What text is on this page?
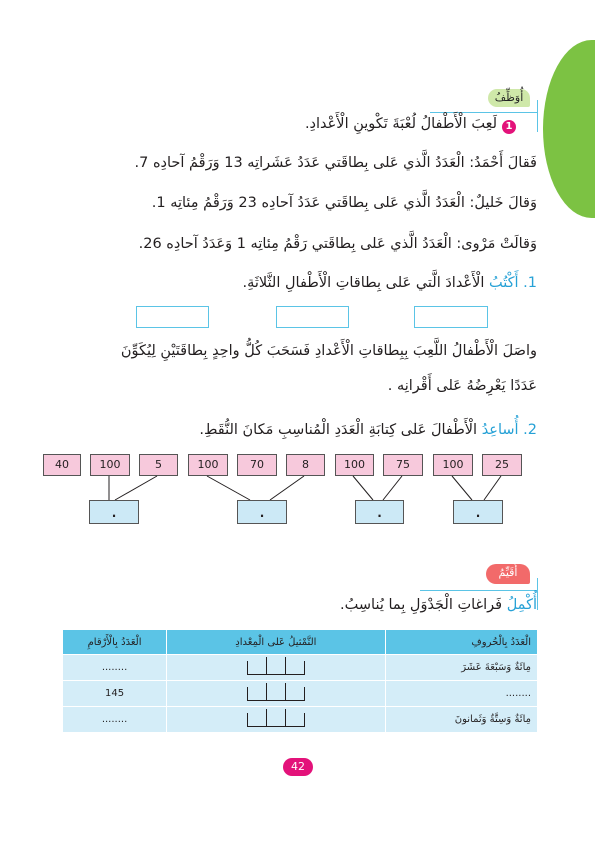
أُوَظِّفُ
1
لَعِبَ الْأَطْفالُ لُعْبَةَ تَكْوينِ الْأَعْدادِ.
فَقالَ أَحْمَدُ: الْعَدَدُ الَّذي عَلى بِطاقَتي عَدَدُ عَشَراتِه 13 وَرَقْمُ آحادِه 7.
وَقالَ خَليلٌ: الْعَدَدُ الَّذي عَلى بِطاقَتي عَدَدُ آحادِه 23 وَرَقْمُ مِئاتِه 1.
وَقالَتْ مَرْوى: الْعَدَدُ الَّذي عَلى بِطاقَتي رَقْمُ مِئاتِه 1 وَعَدَدُ آحادِه 26.
1. أَكْتُبُ الْأَعْدادَ الَّتي عَلى بِطاقاتِ الْأَطْفالِ الثَّلاثَةِ.
واصَلَ الْأَطْفالُ اللَّعِبَ بِبِطاقاتِ الْأَعْدادِ فَسَحَبَ كُلُّ واحِدٍ بِطاقَتَيْنِ لِيُكَوِّنَ
عَدَدًا يَعْرِضُهُ عَلى أَقْرانِه .
2. أُساعِدُ الْأَطْفالَ عَلى كِتابَةِ الْعَدَدِ الْمُناسِبِ مَكانَ النُّقَطِ.
40	100	5	100	70	8	100	75	100	25
.	.	.	.
أُقَيِّمُ
أُكْمِلُ فَراغاتِ الْجَدْوَلِ بِما يُناسِبُ.
الْعَدَدُ بِالْأَرْقامِ	التَّمْثيلُ عَلى الْمِعْدادِ	الْعَدَدُ بِالْحُروفِ
........		مِائَةٌ وَسَبْعَةَ عَشَرَ
145		........
........		مِائَةٌ وَسِتَّةٌ وَثَمانونَ
42
